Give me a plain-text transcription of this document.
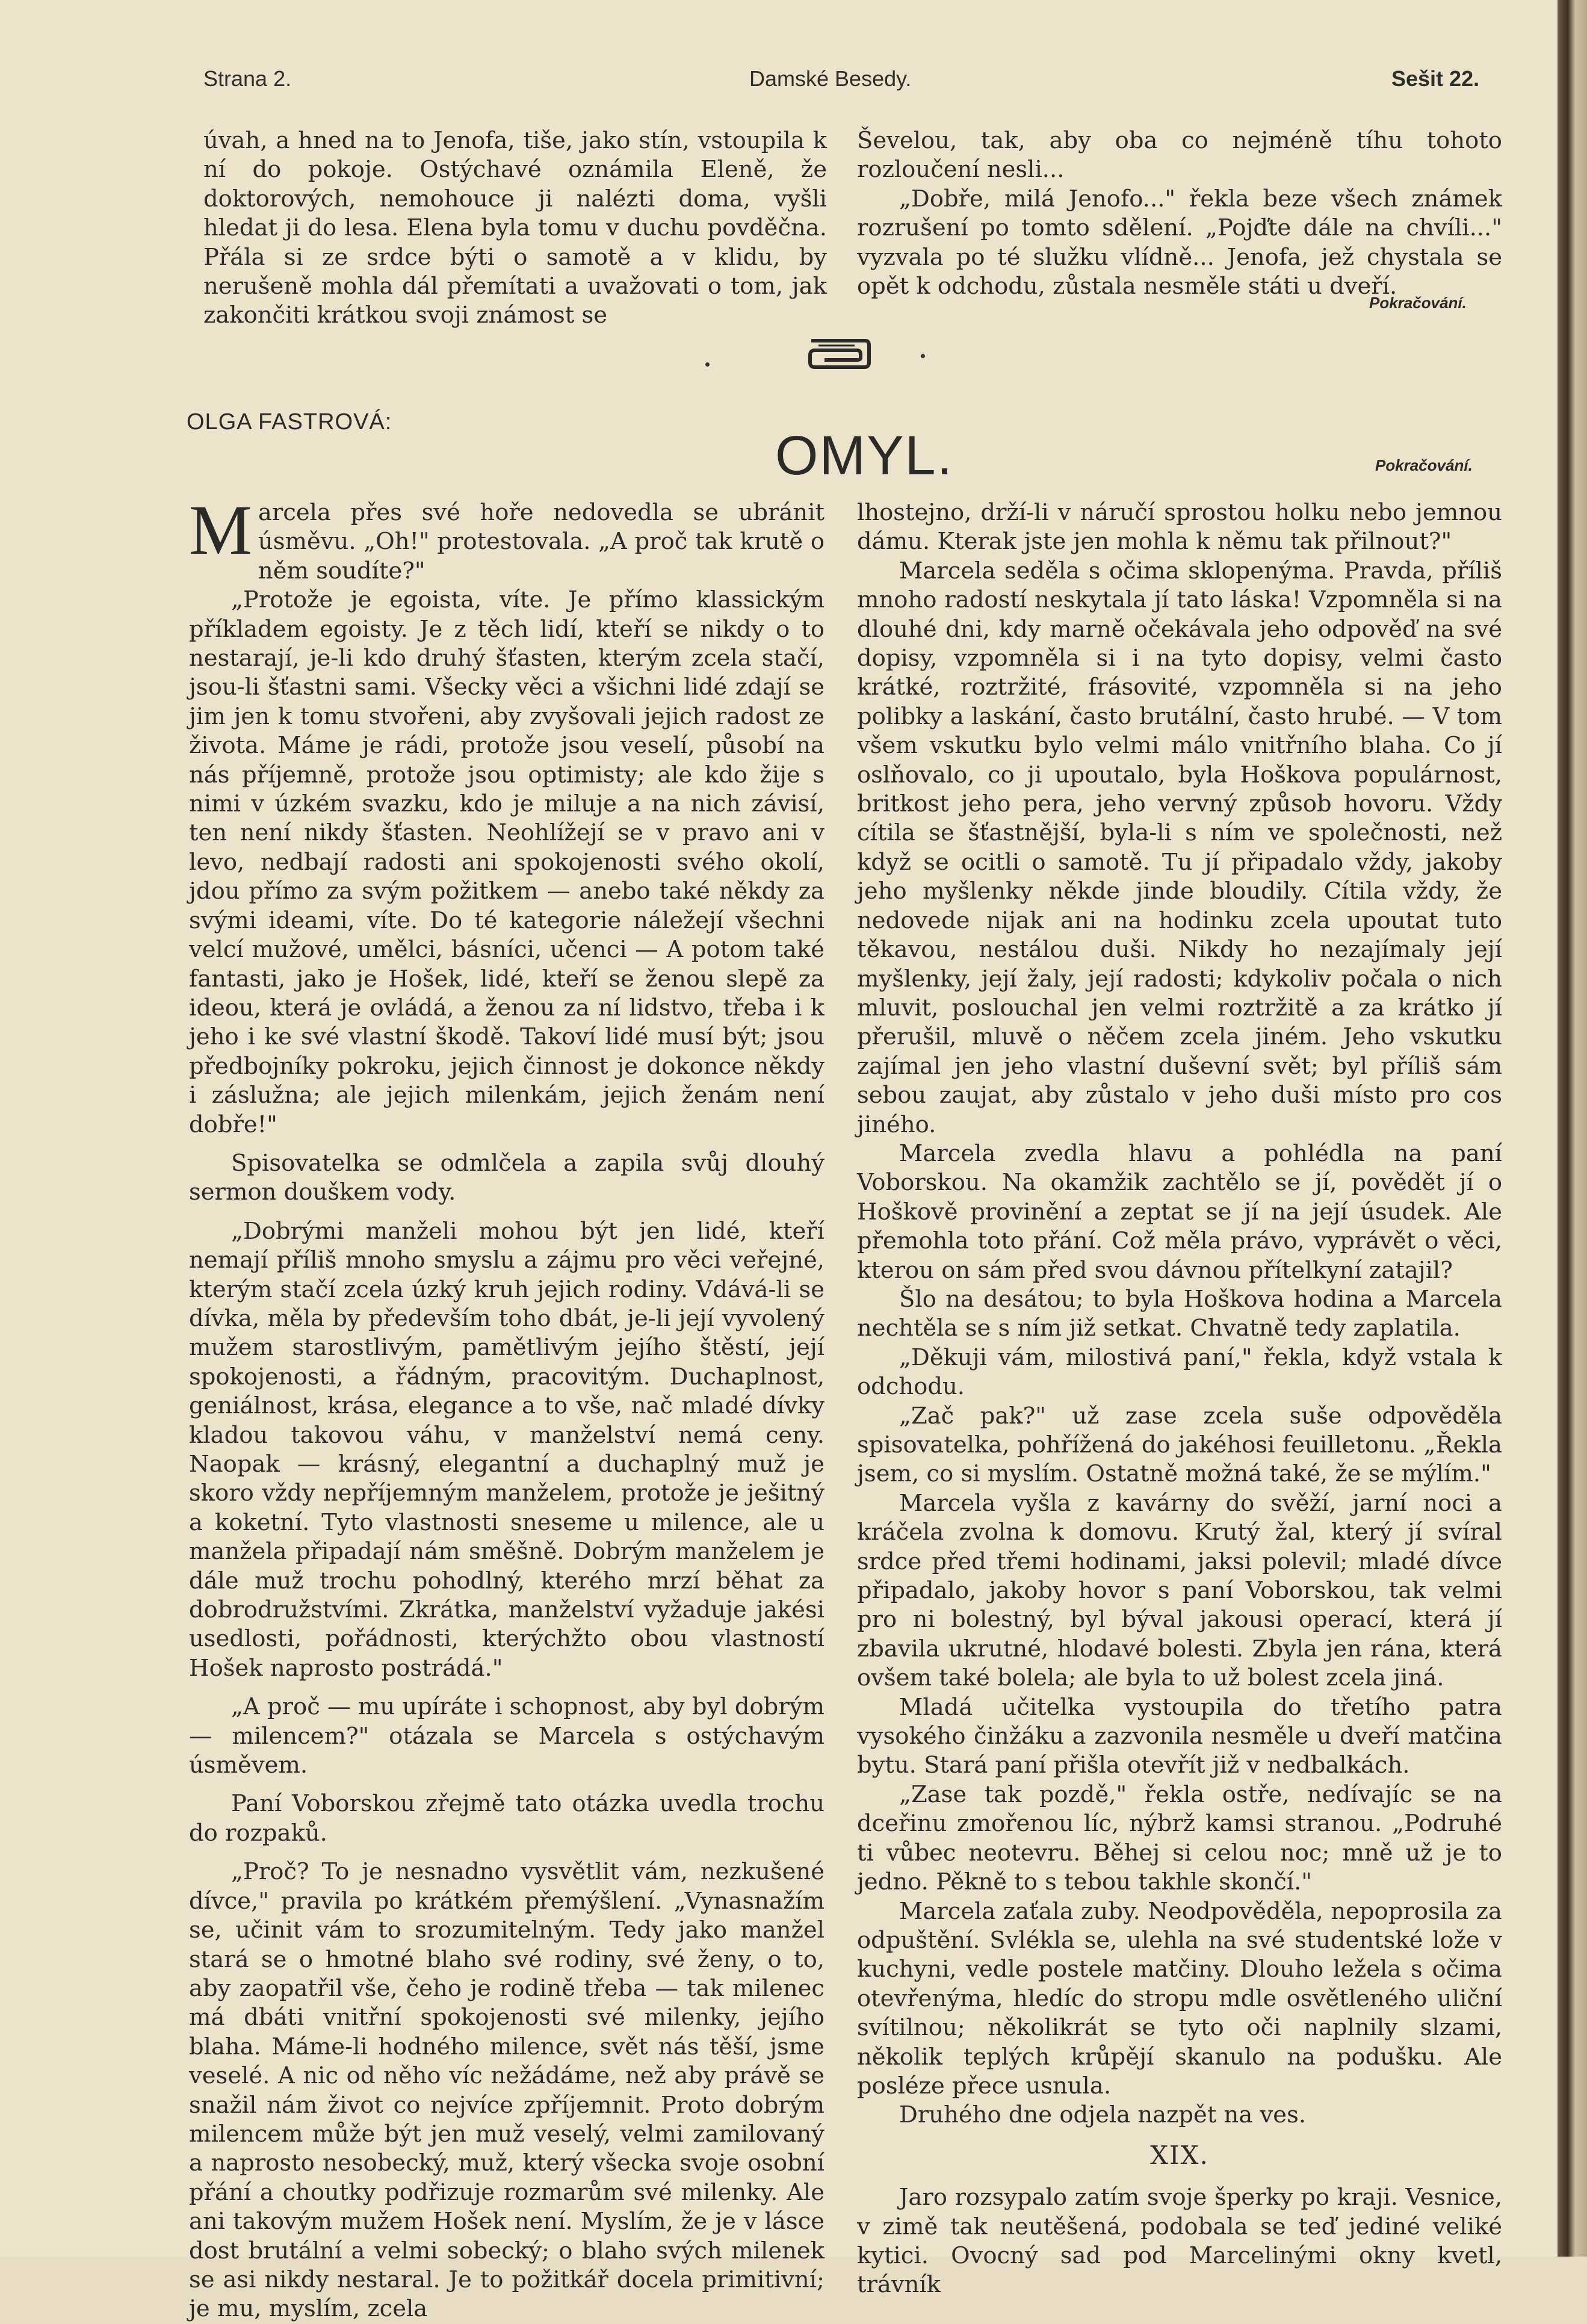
Strana 2.	Damské Besedy.	Sešit 22.

úvah, a hned na to Jenofa, tiše, jako stín, vstoupila k ní do pokoje. Ostýchavé oznámila Eleně, že doktorových, nemohouce ji nalézti doma, vyšli hledat ji do lesa. Elena byla tomu v duchu povděčna. Přála si ze srdce býti o samotě a v klidu, by nerušeně mohla dál přemítati a uvažovati o tom, jak zakončiti krátkou svoji známost se

Ševelou, tak, aby oba co nejméně tíhu tohoto rozloučení nesli...

„Dobře, milá Jenofo..." řekla beze všech známek rozrušení po tomto sdělení. „Pojďte dále na chvíli..." vyzvala po té služku vlídně... Jenofa, jež chystala se opět k odchodu, zůstala nesměle státi u dveří.

Pokračování.
OLGA FASTROVÁ:
OMYL.	Pokračování.

Marcela přes své hoře nedovedla se ubránit úsměvu. „Oh!" protestovala. „A proč tak krutě o něm soudíte?"

„Protože je egoista, víte. Je přímo klassickým příkladem egoisty. Je z těch lidí, kteří se nikdy o to nestarají, je-li kdo druhý šťasten, kterým zcela stačí, jsou-li šťastni sami. Všecky věci a všichni lidé zdají se jim jen k tomu stvořeni, aby zvyšovali jejich radost ze života. Máme je rádi, protože jsou veselí, působí na nás příjemně, protože jsou optimisty; ale kdo žije s nimi v úzkém svazku, kdo je miluje a na nich závisí, ten není nikdy šťasten. Neohlížejí se v pravo ani v levo, nedbají radosti ani spokojenosti svého okolí, jdou přímo za svým požitkem — anebo také někdy za svými ideami, víte. Do té kategorie náležejí všechni velcí mužové, umělci, básníci, učenci — A potom také fantasti, jako je Hošek, lidé, kteří se ženou slepě za ideou, která je ovládá, a ženou za ní lidstvo, třeba i k jeho i ke své vlastní škodě. Takoví lidé musí být; jsou předbojníky pokroku, jejich činnost je dokonce někdy i záslužna; ale jejich milenkám, jejich ženám není dobře!"

Spisovatelka se odmlčela a zapila svůj dlouhý sermon douškem vody.

„Dobrými manželi mohou být jen lidé, kteří nemají příliš mnoho smyslu a zájmu pro věci veřejné, kterým stačí zcela úzký kruh jejich rodiny. Vdává-li se dívka, měla by především toho dbát, je-li její vyvolený mužem starostlivým, pamětlivým jejího štěstí, její spokojenosti, a řádným, pracovitým. Duchaplnost, geniálnost, krása, elegance a to vše, nač mladé dívky kladou takovou váhu, v manželství nemá ceny. Naopak — krásný, elegantní a duchaplný muž je skoro vždy nepříjemným manželem, protože je ješitný a koketní. Tyto vlastnosti sneseme u milence, ale u manžela připadají nám směšně. Dobrým manželem je dále muž trochu pohodlný, kterého mrzí běhat za dobrodružstvími. Zkrátka, manželství vyžaduje jakési usedlosti, pořádnosti, kterýchžto obou vlastností Hošek naprosto postrádá."

„A proč — mu upíráte i schopnost, aby byl dobrým — milencem?" otázala se Marcela s ostýchavým úsměvem.

Paní Voborskou zřejmě tato otázka uvedla trochu do rozpaků.

„Proč? To je nesnadno vysvětlit vám, nezkušené dívce," pravila po krátkém přemýšlení. „Vynasnažím se, učinit vám to srozumitelným. Tedy jako manžel stará se o hmotné blaho své rodiny, své ženy, o to, aby zaopatřil vše, čeho je rodině třeba — tak milenec má dbáti vnitřní spokojenosti své milenky, jejího blaha. Máme-li hodného milence, svět nás těší, jsme veselé. A nic od něho víc nežádáme, než aby právě se snažil nám život co nejvíce zpříjemnit. Proto dobrým milencem může být jen muž veselý, velmi zamilovaný a naprosto nesobecký, muž, který všecka svoje osobní přání a choutky podřizuje rozmarům své milenky. Ale ani takovým mužem Hošek není. Myslím, že je v lásce dost brutální a velmi sobecký; o blaho svých milenek se asi nikdy nestaral. Je to požitkář docela primitivní; je mu, myslím, zcela

lhostejno, drží-li v náručí sprostou holku nebo jemnou dámu. Kterak jste jen mohla k němu tak přilnout?"

Marcela seděla s očima sklopenýma. Pravda, příliš mnoho radostí neskytala jí tato láska! Vzpomněla si na dlouhé dni, kdy marně očekávala jeho odpověď na své dopisy, vzpomněla si i na tyto dopisy, velmi často krátké, roztržité, frásovité, vzpomněla si na jeho polibky a laskání, často brutální, často hrubé. — V tom všem vskutku bylo velmi málo vnitřního blaha. Co jí oslňovalo, co ji upoutalo, byla Hoškova populárnost, britkost jeho pera, jeho vervný způsob hovoru. Vždy cítila se šťastnější, byla-li s ním ve společnosti, než když se ocitli o samotě. Tu jí připadalo vždy, jakoby jeho myšlenky někde jinde bloudily. Cítila vždy, že nedovede nijak ani na hodinku zcela upoutat tuto těkavou, nestálou duši. Nikdy ho nezajímaly její myšlenky, její žaly, její radosti; kdykoliv počala o nich mluvit, poslouchal jen velmi roztržitě a za krátko jí přerušil, mluvě o něčem zcela jiném. Jeho vskutku zajímal jen jeho vlastní duševní svět; byl příliš sám sebou zaujat, aby zůstalo v jeho duši místo pro cos jiného.

Marcela zvedla hlavu a pohlédla na paní Voborskou. Na okamžik zachtělo se jí, povědět jí o Hoškově provinění a zeptat se jí na její úsudek. Ale přemohla toto přání. Což měla právo, vyprávět o věci, kterou on sám před svou dávnou přítelkyní zatajil?

Šlo na desátou; to byla Hoškova hodina a Marcela nechtěla se s ním již setkat. Chvatně tedy zaplatila.

„Děkuji vám, milostivá paní," řekla, když vstala k odchodu.

„Zač pak?" už zase zcela suše odpověděla spisovatelka, pohřížená do jakéhosi feuilletonu. „Řekla jsem, co si myslím. Ostatně možná také, že se mýlím."

Marcela vyšla z kavárny do svěží, jarní noci a kráčela zvolna k domovu. Krutý žal, který jí svíral srdce před třemi hodinami, jaksi polevil; mladé dívce připadalo, jakoby hovor s paní Voborskou, tak velmi pro ni bolestný, byl býval jakousi operací, která jí zbavila ukrutné, hlodavé bolesti. Zbyla jen rána, která ovšem také bolela; ale byla to už bolest zcela jiná.

Mladá učitelka vystoupila do třetího patra vysokého činžáku a zazvonila nesměle u dveří matčina bytu. Stará paní přišla otevřít již v nedbalkách.

„Zase tak pozdě," řekla ostře, nedívajíc se na dceřinu zmořenou líc, nýbrž kamsi stranou. „Podruhé ti vůbec neotevru. Běhej si celou noc; mně už je to jedno. Pěkně to s tebou takhle skončí."

Marcela zaťala zuby. Neodpověděla, nepoprosila za odpuštění. Svlékla se, ulehla na své studentské lože v kuchyni, vedle postele matčiny. Dlouho ležela s očima otevřenýma, hledíc do stropu mdle osvětleného uliční svítilnou; několikrát se tyto oči naplnily slzami, několik teplých krůpějí skanulo na podušku. Ale posléze přece usnula.

Druhého dne odjela nazpět na ves.

XIX.

Jaro rozsypalo zatím svoje šperky po kraji. Vesnice, v zimě tak neutěšená, podobala se teď jediné veliké kytici. Ovocný sad pod Marcelinými okny kvetl, trávník
